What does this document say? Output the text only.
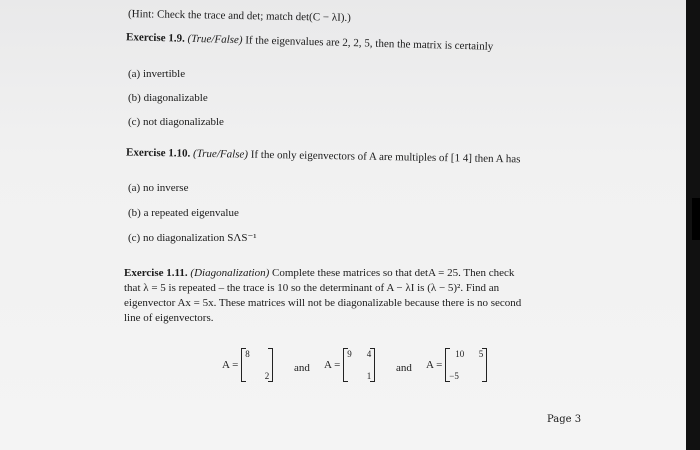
(Hint: Check the trace and det; match det(C − λI).)
Exercise 1.9. (True/False) If the eigenvalues are 2, 2, 5, then the matrix is certainly
(a) invertible
(b) diagonalizable
(c) not diagonalizable
Exercise 1.10. (True/False) If the only eigenvectors of A are multiples of [1 4] then A has
(a) no inverse
(b) a repeated eigenvalue
(c) no diagonalization SΛS⁻¹
Exercise 1.11. (Diagonalization) Complete these matrices so that detA = 25. Then check
that λ = 5 is repeated – the trace is 10 so the determinant of A − λI is (λ − 5)². Find an
eigenvector Ax = 5x. These matrices will not be diagonalizable because there is no second
line of eigenvectors.
A =
8
2
and A =
9 4
1
and A =
10 5
−5
Page 3
